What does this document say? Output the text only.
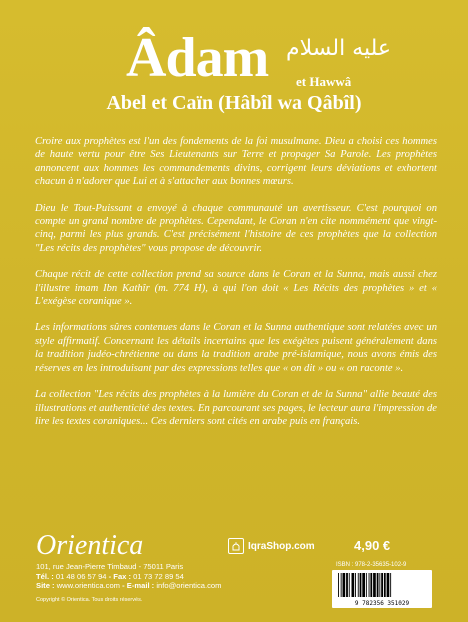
Âdam عليه السلام
et Hawwâ
Abel et Caïn (Hâbîl wa Qâbîl)

Croire aux prophètes est l'un des fondements de la foi musulmane. Dieu a choisi ces hommes de haute vertu pour être Ses Lieutenants sur Terre et propager Sa Parole. Les prophètes annoncent aux hommes les commandements divins, corrigent leurs déviations et exhortent chacun à n'adorer que Lui et à s'attacher aux bonnes mœurs.

Dieu le Tout-Puissant a envoyé à chaque communauté un avertisseur. C'est pourquoi on compte un grand nombre de prophètes. Cependant, le Coran n'en cite nommément que vingt-cinq, parmi les plus grands. C'est précisément l'histoire de ces prophètes que la collection "Les récits des prophètes" vous propose de découvrir.

Chaque récit de cette collection prend sa source dans le Coran et la Sunna, mais aussi chez l'illustre imam Ibn Kathîr (m. 774 H), à qui l'on doit « Les Récits des prophètes » et « L'exégèse coranique ».

Les informations sûres contenues dans le Coran et la Sunna authentique sont relatées avec un style affirmatif. Concernant les détails incertains que les exégètes puisent généralement dans la tradition judéo-chrétienne ou dans la tradition arabe pré-islamique, nous avons émis des réserves en les introduisant par des expressions telles que « on dit » ou « on raconte ».

La collection "Les récits des prophètes à la lumière du Coran et de la Sunna" allie beauté des illustrations et authenticité des textes. En parcourant ses pages, le lecteur aura l'impression de lire les textes coraniques... Ces derniers sont cités en arabe puis en français.

Orientica
101, rue Jean-Pierre Timbaud - 75011 Paris
Tél. : 01 48 06 57 94 - Fax : 01 73 72 89 54
Site : www.orientica.com - E-mail : info@orientica.com
Copyright © Orientica. Tous droits réservés.
IqraShop.com	4,90 €
ISBN : 978-2-35635-102-9
9 782356 351029
